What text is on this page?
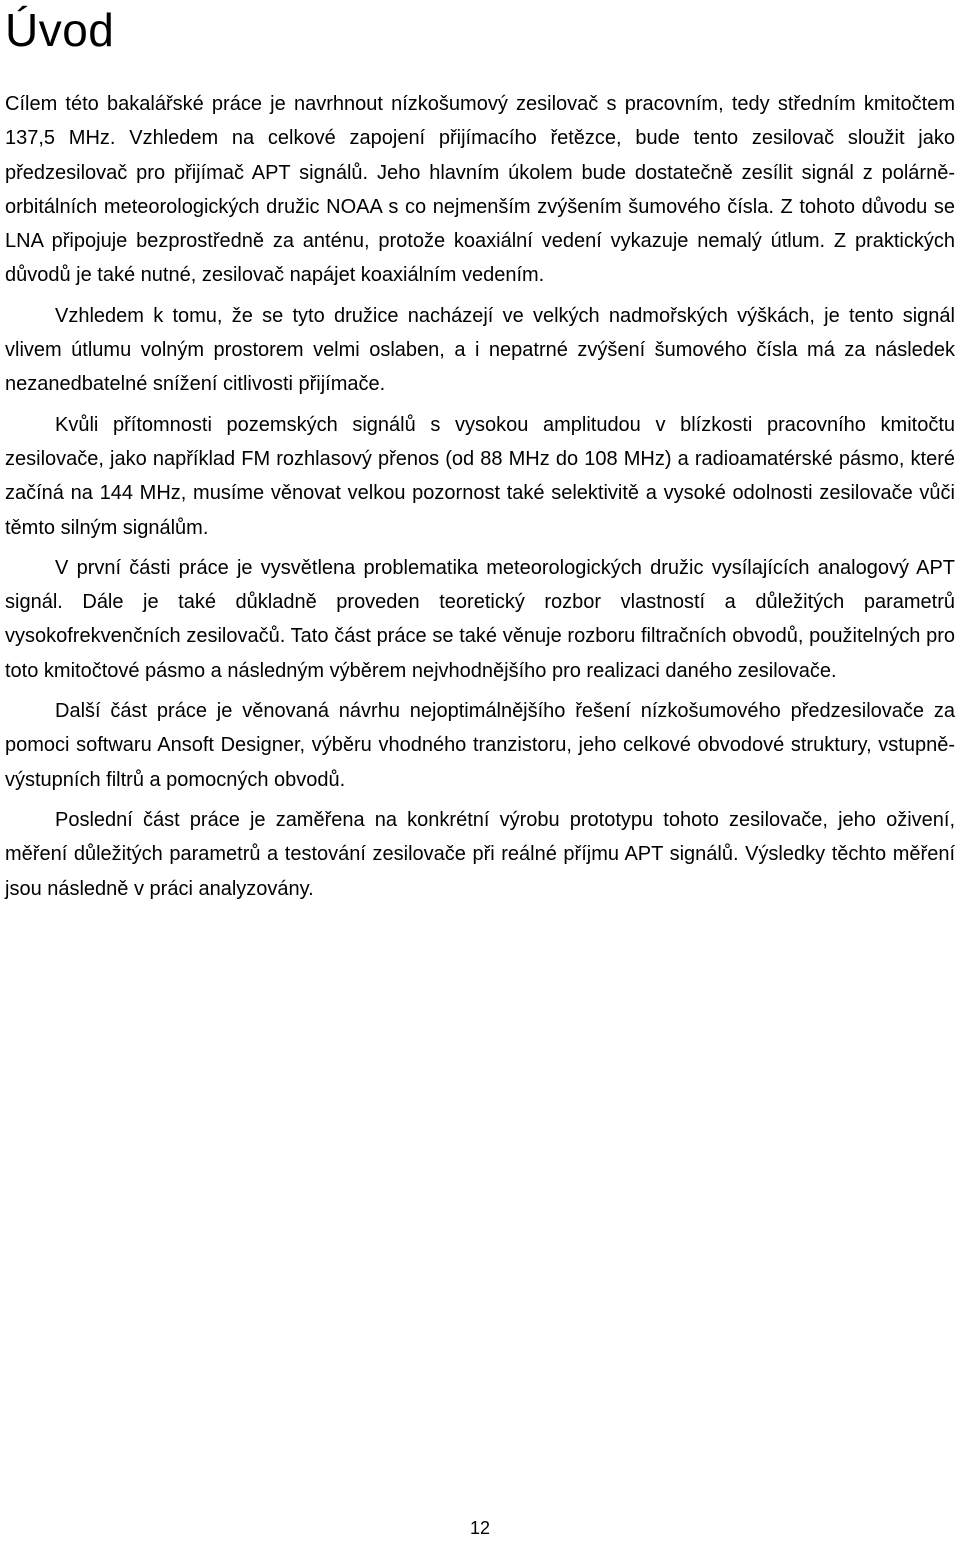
Úvod

Cílem této bakalářské práce je navrhnout nízkošumový zesilovač s pracovním, tedy středním kmitočtem 137,5 MHz. Vzhledem na celkové zapojení přijímacího řetězce, bude tento zesilovač sloužit jako předzesilovač pro přijímač APT signálů. Jeho hlavním úkolem bude dostatečně zesílit signál z polárně-orbitálních meteorologických družic NOAA s co nejmenším zvýšením šumového čísla. Z tohoto důvodu se LNA připojuje bezprostředně za anténu, protože koaxiální vedení vykazuje nemalý útlum. Z praktických důvodů je také nutné, zesilovač napájet koaxiálním vedením.

Vzhledem k tomu, že se tyto družice nacházejí ve velkých nadmořských výškách, je tento signál vlivem útlumu volným prostorem velmi oslaben, a i nepatrné zvýšení šumového čísla má za následek nezanedbatelné snížení citlivosti přijímače.

Kvůli přítomnosti pozemských signálů s vysokou amplitudou v blízkosti pracovního kmitočtu zesilovače, jako například FM rozhlasový přenos (od 88 MHz do 108 MHz) a radioamatérské pásmo, které začíná na 144 MHz, musíme věnovat velkou pozornost také selektivitě a vysoké odolnosti zesilovače vůči těmto silným signálům.

V první části práce je vysvětlena problematika meteorologických družic vysílajících analogový APT signál. Dále je také důkladně proveden teoretický rozbor vlastností a důležitých parametrů vysokofrekvenčních zesilovačů. Tato část práce se také věnuje rozboru filtračních obvodů, použitelných pro toto kmitočtové pásmo a následným výběrem nejvhodnějšího pro realizaci daného zesilovače.

Další část práce je věnovaná návrhu nejoptimálnějšího řešení nízkošumového předzesilovače za pomoci softwaru Ansoft Designer, výběru vhodného tranzistoru, jeho celkové obvodové struktury, vstupně-výstupních filtrů a pomocných obvodů.

Poslední část práce je zaměřena na konkrétní výrobu prototypu tohoto zesilovače, jeho oživení, měření důležitých parametrů a testování zesilovače při reálné příjmu APT signálů. Výsledky těchto měření jsou následně v práci analyzovány.

12
